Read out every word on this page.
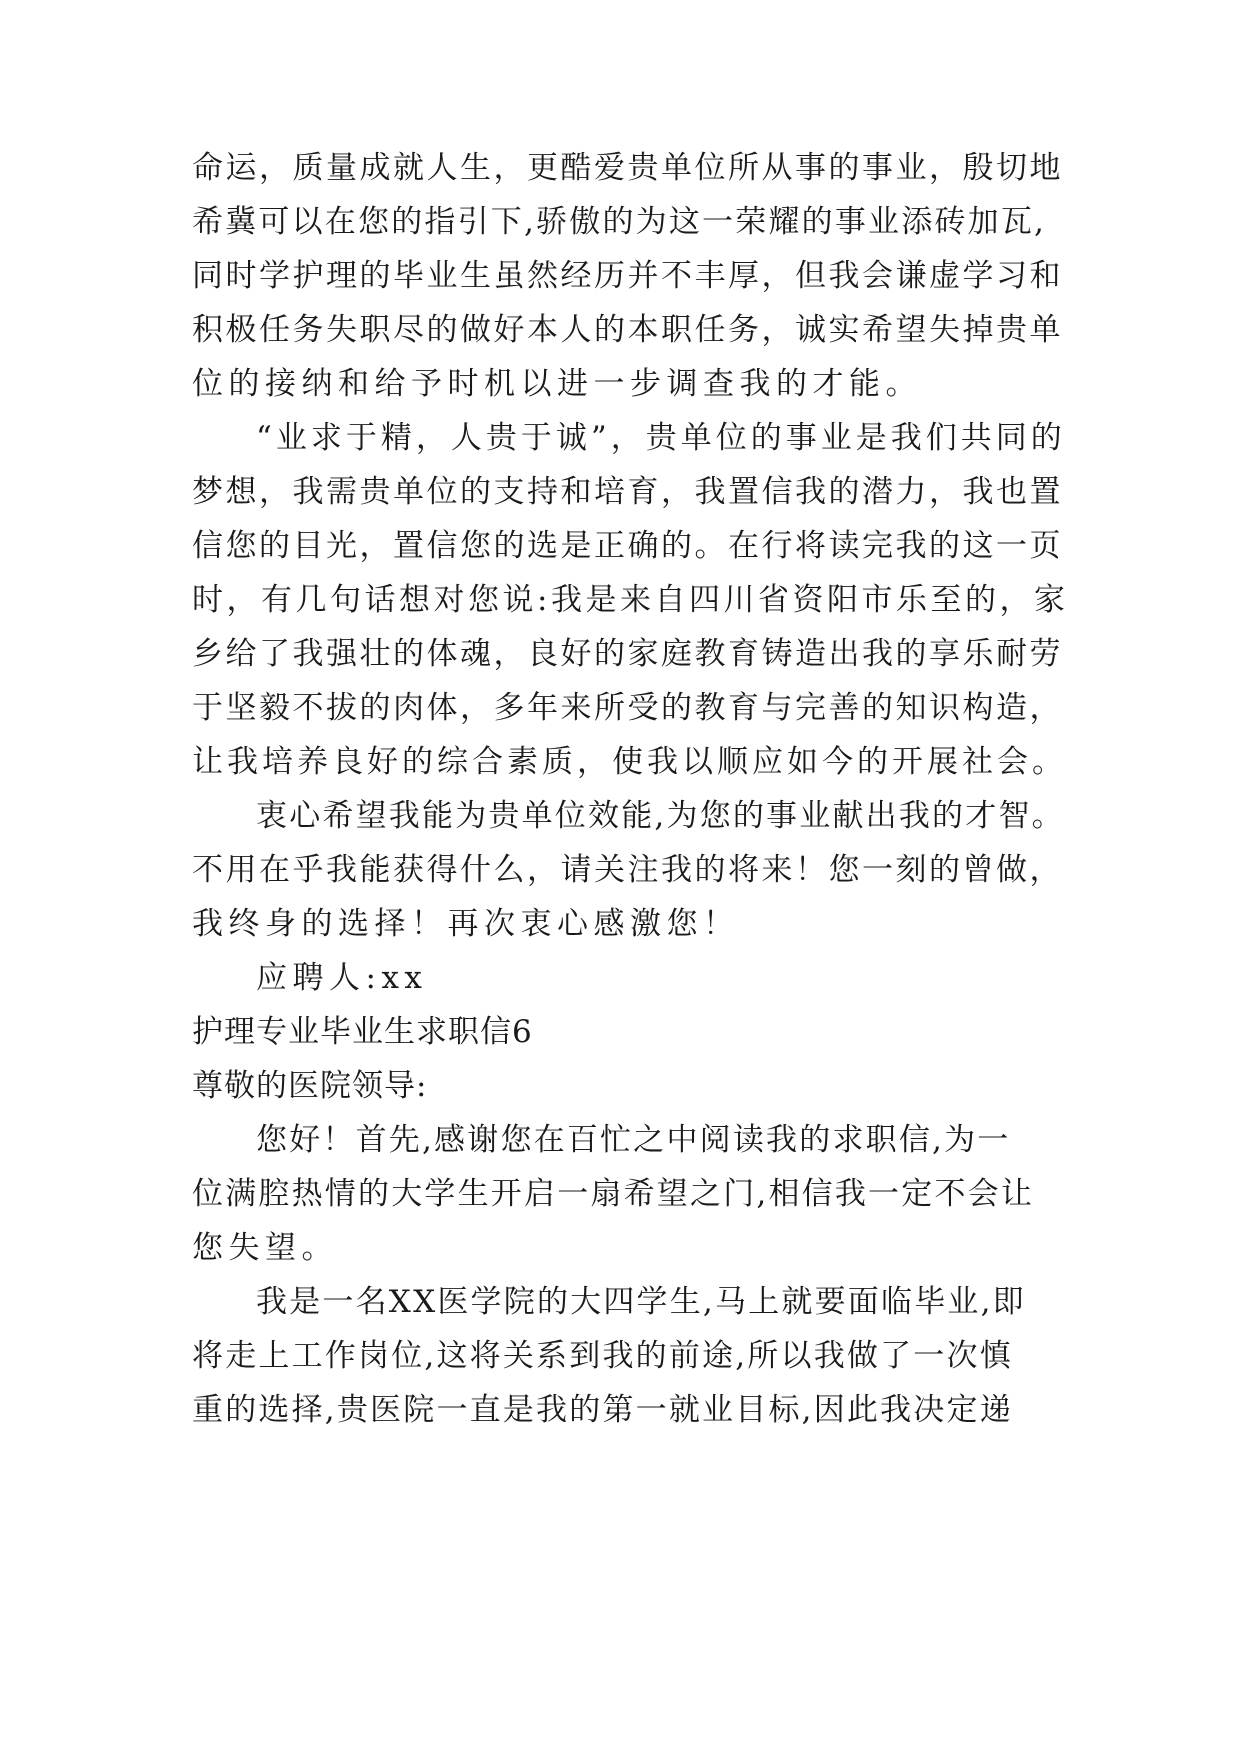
命运，质量成就人生，更酷爱贵单位所从事的事业，殷切地
希冀可以在您的指引下,骄傲的为这一荣耀的事业添砖加瓦,
同时学护理的毕业生虽然经历并不丰厚，但我会谦虚学习和
积极任务失职尽的做好本人的本职任务，诚实希望失掉贵单
位的接纳和给予时机以进一步调查我的才能。
“业求于精，人贵于诚”，贵单位的事业是我们共同的
梦想，我需贵单位的支持和培育，我置信我的潜力，我也置
信您的目光，置信您的选是正确的。在行将读完我的这一页
时，有几句话想对您说:我是来自四川省资阳市乐至的，家
乡给了我强壮的体魂，良好的家庭教育铸造出我的享乐耐劳
于坚毅不拔的肉体，多年来所受的教育与完善的知识构造，
让我培养良好的综合素质，使我以顺应如今的开展社会。
衷心希望我能为贵单位效能,为您的事业献出我的才智。
不用在乎我能获得什么，请关注我的将来！您一刻的曾做，
我终身的选择！再次衷心感激您！
应聘人:xx
护理专业毕业生求职信6
尊敬的医院领导:
您好！首先,感谢您在百忙之中阅读我的求职信,为一
位满腔热情的大学生开启一扇希望之门,相信我一定不会让
您失望。
我是一名XX医学院的大四学生,马上就要面临毕业,即
将走上工作岗位,这将关系到我的前途,所以我做了一次慎
重的选择,贵医院一直是我的第一就业目标,因此我决定递
